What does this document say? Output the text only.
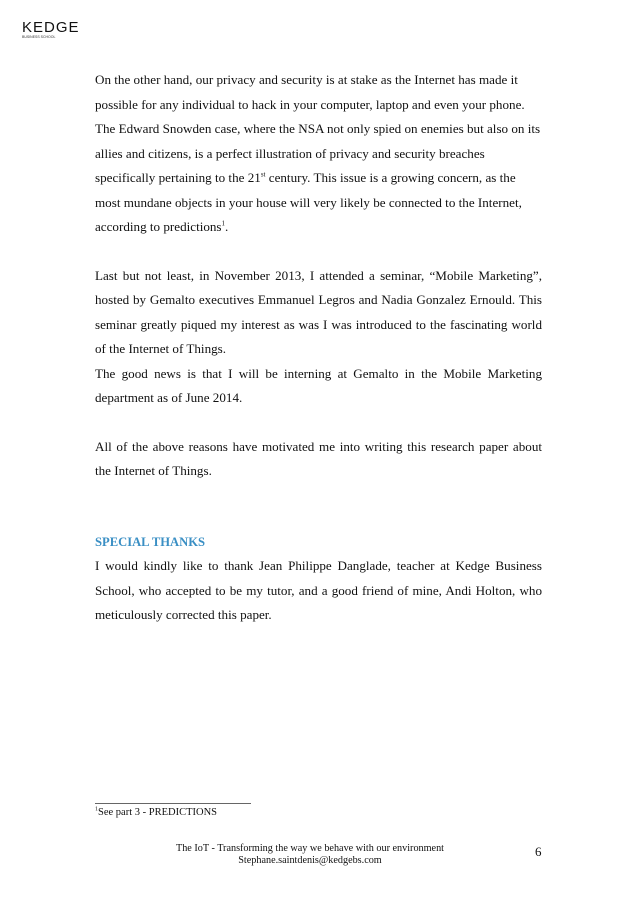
KEDGE
BUSINESS SCHOOL

On the other hand, our privacy and security is at stake as the Internet has made it possible for any individual to hack in your computer, laptop and even your phone. The Edward Snowden case, where the NSA not only spied on enemies but also on its allies and citizens, is a perfect illustration of privacy and security breaches specifically pertaining to the 21st century. This issue is a growing concern, as the most mundane objects in your house will very likely be connected to the Internet, according to predictions$^1$.

Last but not least, in November 2013, I attended a seminar, “Mobile Marketing”, hosted by Gemalto executives Emmanuel Legros and Nadia Gonzalez Ernould. This seminar greatly piqued my interest as was I was introduced to the fascinating world of the Internet of Things.

The good news is that I will be interning at Gemalto in the Mobile Marketing department as of June 2014.

All of the above reasons have motivated me into writing this research paper about the Internet of Things.

SPECIAL THANKS

I would kindly like to thank Jean Philippe Danglade, teacher at Kedge Business School, who accepted to be my tutor, and a good friend of mine, Andi Holton, who meticulously corrected this paper.

$^1$See part 3 - PREDICTIONS
The IoT - Transforming the way we behave with our environment
Stephane.saintdenis@kedgebs.com
6
